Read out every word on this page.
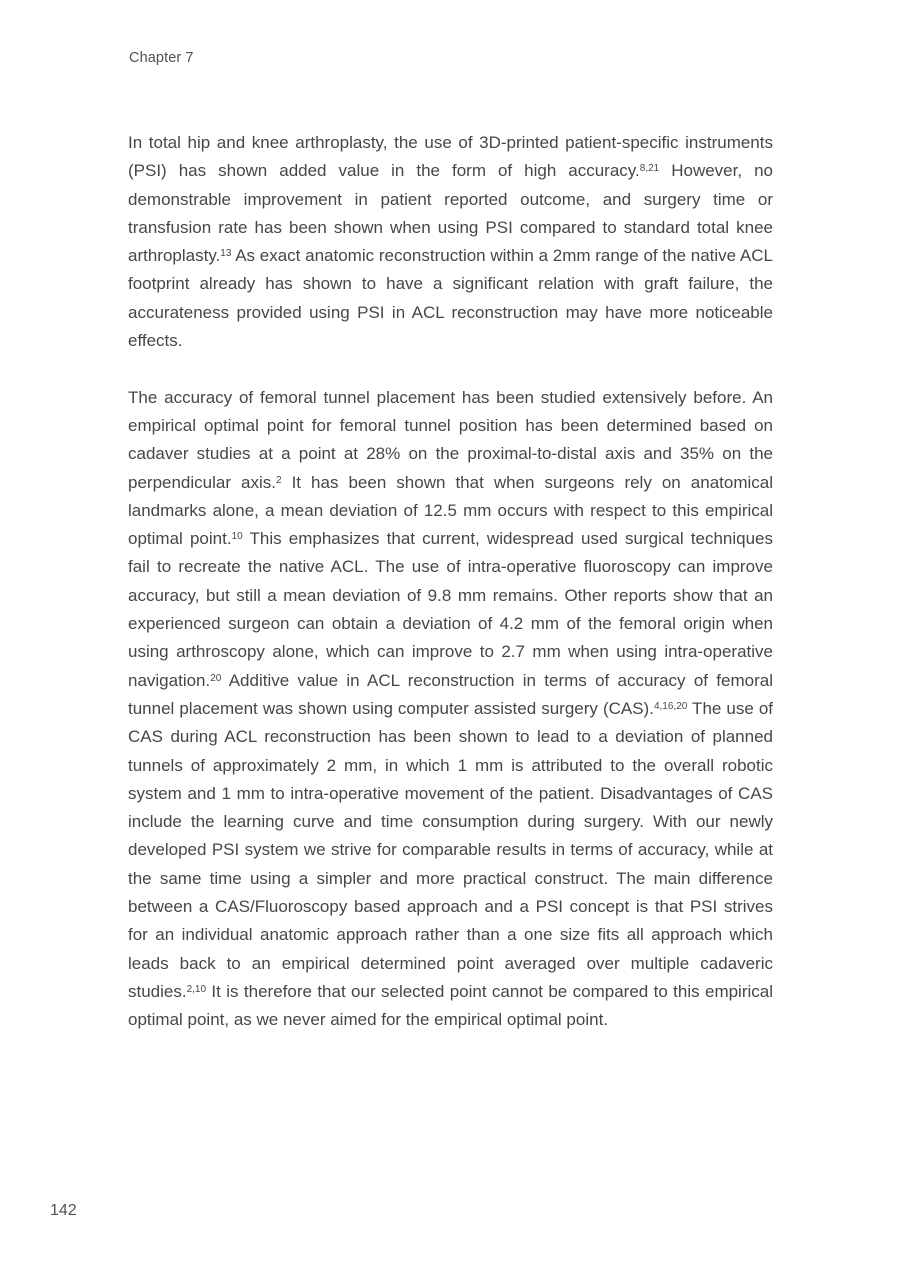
Chapter 7

In total hip and knee arthroplasty, the use of 3D-printed patient-specific instruments (PSI) has shown added value in the form of high accuracy.$^{8,21}$ However, no demonstrable improvement in patient reported outcome, and surgery time or transfusion rate has been shown when using PSI compared to standard total knee arthroplasty.$^{13}$ As exact anatomic reconstruction within a 2mm range of the native ACL footprint already has shown to have a significant relation with graft failure, the accurateness provided using PSI in ACL reconstruction may have more noticeable effects.

The accuracy of femoral tunnel placement has been studied extensively before. An empirical optimal point for femoral tunnel position has been determined based on cadaver studies at a point at 28% on the proximal-to-distal axis and 35% on the perpendicular axis.$^2$ It has been shown that when surgeons rely on anatomical landmarks alone, a mean deviation of 12.5 mm occurs with respect to this empirical optimal point.$^{10}$ This emphasizes that current, widespread used surgical techniques fail to recreate the native ACL. The use of intra-operative fluoroscopy can improve accuracy, but still a mean deviation of 9.8 mm remains. Other reports show that an experienced surgeon can obtain a deviation of 4.2 mm of the femoral origin when using arthroscopy alone, which can improve to 2.7 mm when using intra-operative navigation.$^{20}$ Additive value in ACL reconstruction in terms of accuracy of femoral tunnel placement was shown using computer assisted surgery (CAS).$^{4,16,20}$ The use of CAS during ACL reconstruction has been shown to lead to a deviation of planned tunnels of approximately 2 mm, in which 1 mm is attributed to the overall robotic system and 1 mm to intra-operative movement of the patient. Disadvantages of CAS include the learning curve and time consumption during surgery. With our newly developed PSI system we strive for comparable results in terms of accuracy, while at the same time using a simpler and more practical construct. The main difference between a CAS/Fluoroscopy based approach and a PSI concept is that PSI strives for an individual anatomic approach rather than a one size fits all approach which leads back to an empirical determined point averaged over multiple cadaveric studies.$^{2,10}$ It is therefore that our selected point cannot be compared to this empirical optimal point, as we never aimed for the empirical optimal point.

142
